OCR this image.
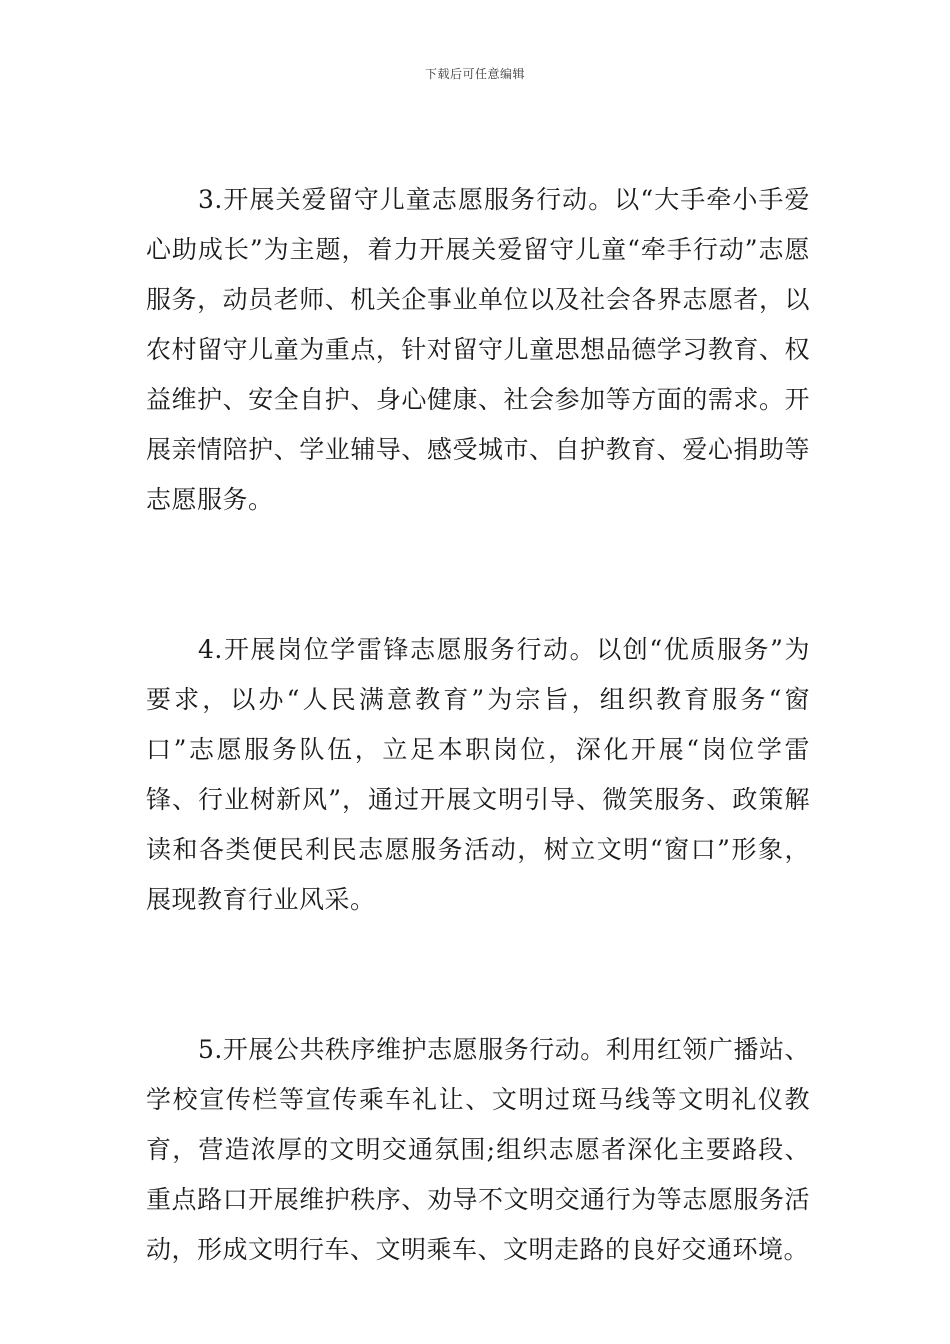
下载后可任意编辑

3.开展关爱留守儿童志愿服务行动。以“大手牵小手爱心助成长”为主题，着力开展关爱留守儿童“牵手行动”志愿服务，动员老师、机关企事业单位以及社会各界志愿者，以农村留守儿童为重点，针对留守儿童思想品德学习教育、权益维护、安全自护、身心健康、社会参加等方面的需求。开展亲情陪护、学业辅导、感受城市、自护教育、爱心捐助等志愿服务。

4.开展岗位学雷锋志愿服务行动。以创“优质服务”为要求，以办“人民满意教育”为宗旨，组织教育服务“窗口”志愿服务队伍，立足本职岗位，深化开展“岗位学雷锋、行业树新风”，通过开展文明引导、微笑服务、政策解读和各类便民利民志愿服务活动，树立文明“窗口”形象，展现教育行业风采。

5.开展公共秩序维护志愿服务行动。利用红领广播站、学校宣传栏等宣传乘车礼让、文明过斑马线等文明礼仪教育，营造浓厚的文明交通氛围;组织志愿者深化主要路段、重点路口开展维护秩序、劝导不文明交通行为等志愿服务活动，形成文明行车、文明乘车、文明走路的良好交通环境。
